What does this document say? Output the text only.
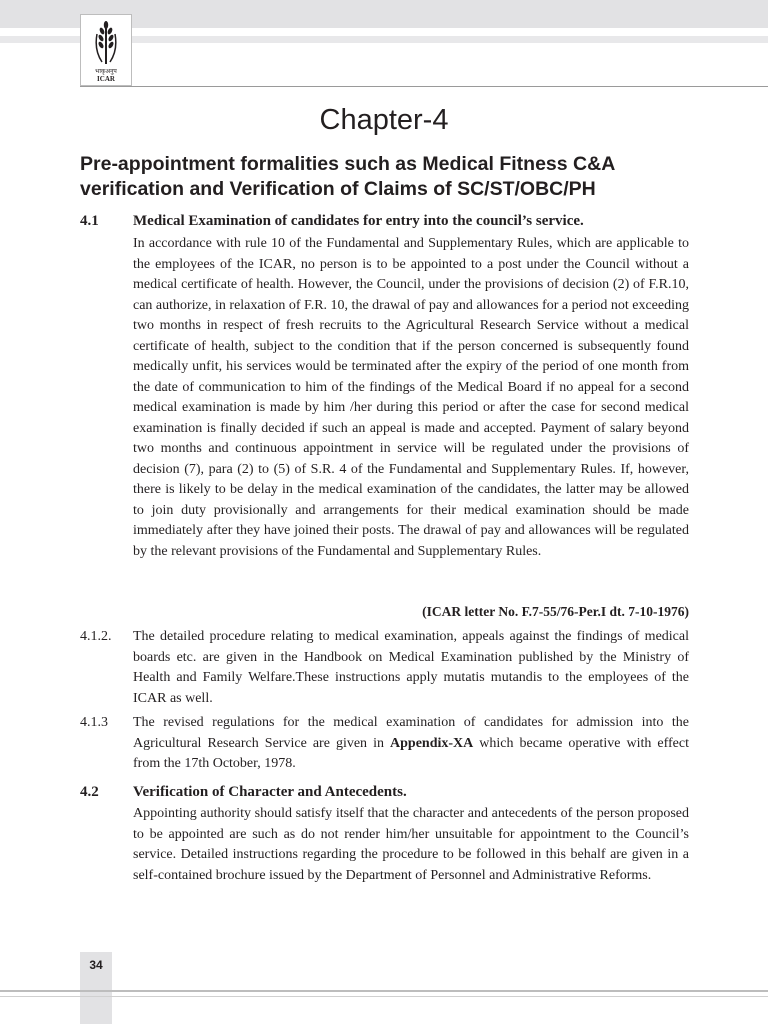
भाकृअनुप
ICAR
Chapter-4
Pre-appointment formalities such as Medical Fitness C&A verification and Verification of Claims of SC/ST/OBC/PH
4.1 Medical Examination of candidates for entry into the council’s service.

In accordance with rule 10 of the Fundamental and Supplementary Rules, which are applicable to the employees of the ICAR, no person is to be appointed to a post under the Council without a medical certificate of health. However, the Council, under the provisions of decision (2) of F.R.10, can authorize, in relaxation of F.R. 10, the drawal of pay and allowances for a period not exceeding two months in respect of fresh recruits to the Agricultural Research Service without a medical certificate of health, subject to the condition that if the person concerned is subsequently found medically unfit, his services would be terminated after the expiry of the period of one month from the date of communication to him of the findings of the Medical Board if no appeal for a second medical examination is made by him /her during this period or after the case for second medical examination is finally decided if such an appeal is made and accepted. Payment of salary beyond two months and continuous appointment in service will be regulated under the provisions of decision (7), para (2) to (5) of S.R. 4 of the Fundamental and Supplementary Rules. If, however, there is likely to be delay in the medical examination of the candidates, the latter may be allowed to join duty provisionally and arrangements for their medical examination should be made immediately after they have joined their posts. The drawal of pay and allowances will be regulated by the relevant provisions of the Fundamental and Supplementary Rules.

(ICAR letter No. F.7-55/76-Per.I dt. 7-10-1976)
4.1.2. The detailed procedure relating to medical examination, appeals against the findings of medical boards etc. are given in the Handbook on Medical Examination published by the Ministry of Health and Family Welfare.These instructions apply mutatis mutandis to the employees of the ICAR as well.

4.1.3 The revised regulations for the medical examination of candidates for admission into the Agricultural Research Service are given in Appendix-XA which became operative with effect from the 17th October, 1978.

4.2 Verification of Character and Antecedents.

Appointing authority should satisfy itself that the character and antecedents of the person proposed to be appointed are such as do not render him/her unsuitable for appointment to the Council’s service. Detailed instructions regarding the procedure to be followed in this behalf are given in a self-contained brochure issued by the Department of Personnel and Administrative Reforms.

34
